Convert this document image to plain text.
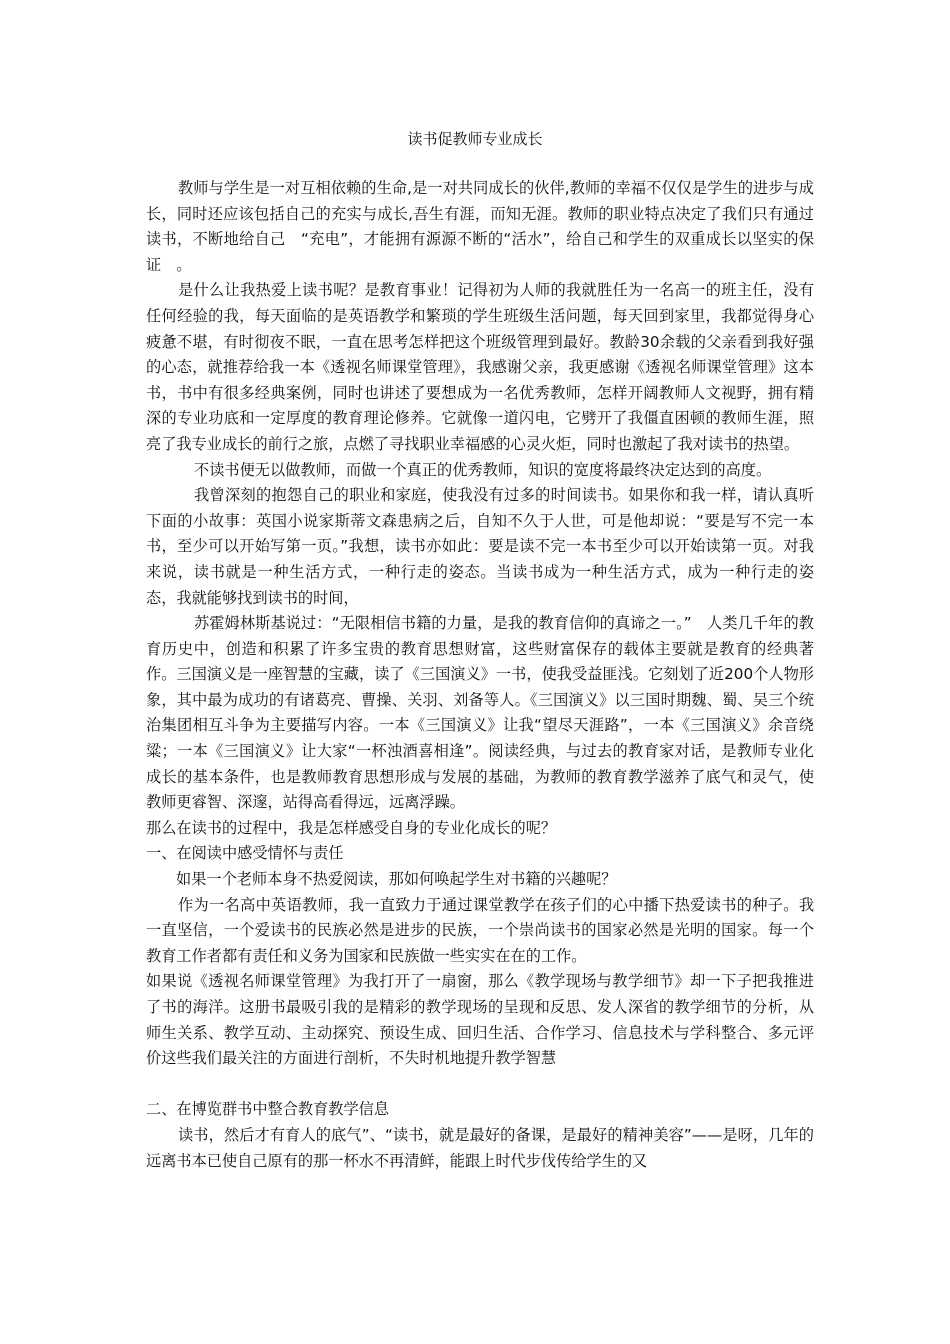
读书促教师专业成长

教师与学生是一对互相依赖的生命,是一对共同成长的伙伴,教师的幸福不仅仅是学生的进步与成长，同时还应该包括自己的充实与成长,吾生有涯，而知无涯。教师的职业特点决定了我们只有通过读书，不断地给自己　“充电”，才能拥有源源不断的“活水”，给自己和学生的双重成长以坚实的保证　。

是什么让我热爱上读书呢？是教育事业！记得初为人师的我就胜任为一名高一的班主任，没有任何经验的我，每天面临的是英语教学和繁琐的学生班级生活问题，每天回到家里，我都觉得身心疲惫不堪，有时彻夜不眠，一直在思考怎样把这个班级管理到最好。教龄30余载的父亲看到我好强的心态，就推荐给我一本《透视名师课堂管理》，我感谢父亲，我更感谢《透视名师课堂管理》这本书，书中有很多经典案例，同时也讲述了要想成为一名优秀教师，怎样开阔教师人文视野，拥有精深的专业功底和一定厚度的教育理论修养。它就像一道闪电，它劈开了我僵直困顿的教师生涯，照亮了我专业成长的前行之旅，点燃了寻找职业幸福感的心灵火炬，同时也激起了我对读书的热望。

不读书便无以做教师，而做一个真正的优秀教师，知识的宽度将最终决定达到的高度。

我曾深刻的抱怨自己的职业和家庭，使我没有过多的时间读书。如果你和我一样，请认真听下面的小故事：英国小说家斯蒂文森患病之后，自知不久于人世，可是他却说：“要是写不完一本书，至少可以开始写第一页。”我想，读书亦如此：要是读不完一本书至少可以开始读第一页。对我来说，读书就是一种生活方式，一种行走的姿态。当读书成为一种生活方式，成为一种行走的姿态，我就能够找到读书的时间，

苏霍姆林斯基说过：“无限相信书籍的力量，是我的教育信仰的真谛之一。”　人类几千年的教育历史中，创造和积累了许多宝贵的教育思想财富，这些财富保存的载体主要就是教育的经典著作。三国演义是一座智慧的宝藏，读了《三国演义》一书，使我受益匪浅。它刻划了近200个人物形象，其中最为成功的有诸葛亮、曹操、关羽、刘备等人。《三国演义》以三国时期魏、蜀、吴三个统治集团相互斗争为主要描写内容。一本《三国演义》让我“望尽天涯路”，一本《三国演义》余音绕粱；一本《三国演义》让大家“一杯浊酒喜相逢”。阅读经典，与过去的教育家对话，是教师专业化成长的基本条件，也是教师教育思想形成与发展的基础，为教师的教育教学滋养了底气和灵气，使教师更睿智、深邃，站得高看得远，远离浮躁。

那么在读书的过程中，我是怎样感受自身的专业化成长的呢？

一、在阅读中感受情怀与责任

如果一个老师本身不热爱阅读，那如何唤起学生对书籍的兴趣呢？

作为一名高中英语教师，我一直致力于通过课堂教学在孩子们的心中播下热爱读书的种子。我一直坚信，一个爱读书的民族必然是进步的民族，一个崇尚读书的国家必然是光明的国家。每一个教育工作者都有责任和义务为国家和民族做一些实实在在的工作。

如果说《透视名师课堂管理》为我打开了一扇窗，那么《教学现场与教学细节》却一下子把我推进了书的海洋。这册书最吸引我的是精彩的教学现场的呈现和反思、发人深省的教学细节的分析，从师生关系、教学互动、主动探究、预设生成、回归生活、合作学习、信息技术与学科整合、多元评价这些我们最关注的方面进行剖析，不失时机地提升教学智慧

二、在博览群书中整合教育教学信息

读书，然后才有育人的底气”、“读书，就是最好的备课，是最好的精神美容”——是呀，几年的远离书本已使自己原有的那一杯水不再清鲜，能跟上时代步伐传给学生的又
